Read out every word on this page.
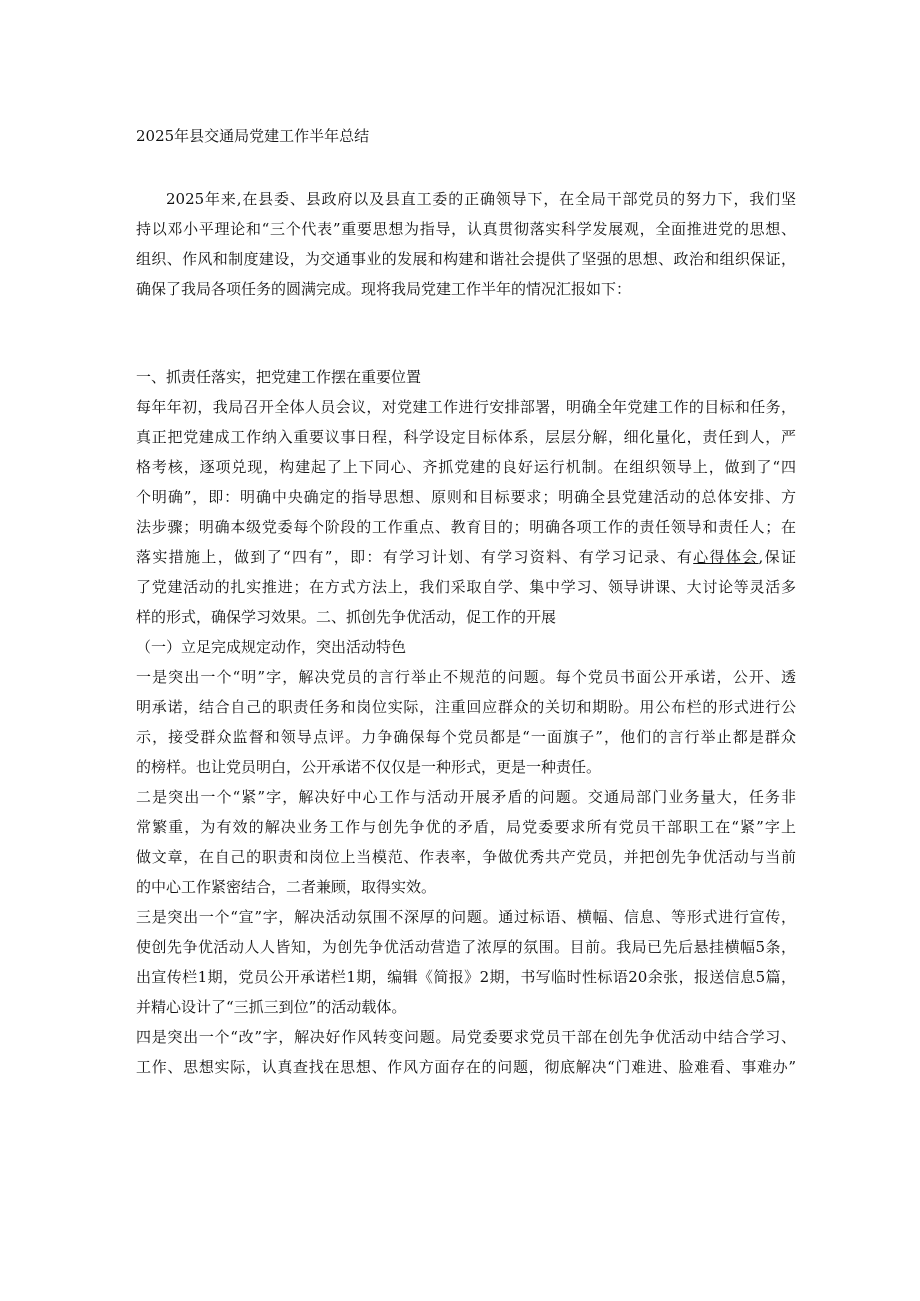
2025年县交通局党建工作半年总结
2025年来,在县委、县政府以及县直工委的正确领导下，在全局干部党员的努力下，我们坚
持以邓小平理论和“三个代表”重要思想为指导，认真贯彻落实科学发展观，全面推进党的思想、
组织、作风和制度建设，为交通事业的发展和构建和谐社会提供了坚强的思想、政治和组织保证，
确保了我局各项任务的圆满完成。现将我局党建工作半年的情况汇报如下：
一、抓责任落实，把党建工作摆在重要位置
每年年初，我局召开全体人员会议，对党建工作进行安排部署，明确全年党建工作的目标和任务，
真正把党建成工作纳入重要议事日程，科学设定目标体系，层层分解，细化量化，责任到人，严
格考核，逐项兑现，构建起了上下同心、齐抓党建的良好运行机制。在组织领导上，做到了“四
个明确”，即：明确中央确定的指导思想、原则和目标要求；明确全县党建活动的总体安排、方
法步骤；明确本级党委每个阶段的工作重点、教育目的；明确各项工作的责任领导和责任人；在
落实措施上，做到了“四有”，即：有学习计划、有学习资料、有学习记录、有心得体会,保证
了党建活动的扎实推进；在方式方法上，我们采取自学、集中学习、领导讲课、大讨论等灵活多
样的形式，确保学习效果。二、抓创先争优活动，促工作的开展
（一）立足完成规定动作，突出活动特色
一是突出一个“明”字，解决党员的言行举止不规范的问题。每个党员书面公开承诺，公开、透
明承诺，结合自己的职责任务和岗位实际，注重回应群众的关切和期盼。用公布栏的形式进行公
示，接受群众监督和领导点评。力争确保每个党员都是“一面旗子”，他们的言行举止都是群众
的榜样。也让党员明白，公开承诺不仅仅是一种形式，更是一种责任。
二是突出一个“紧”字，解决好中心工作与活动开展矛盾的问题。交通局部门业务量大，任务非
常繁重，为有效的解决业务工作与创先争优的矛盾，局党委要求所有党员干部职工在“紧”字上
做文章，在自己的职责和岗位上当模范、作表率，争做优秀共产党员，并把创先争优活动与当前
的中心工作紧密结合，二者兼顾，取得实效。
三是突出一个“宣”字，解决活动氛围不深厚的问题。通过标语、横幅、信息、等形式进行宣传，
使创先争优活动人人皆知，为创先争优活动营造了浓厚的氛围。目前。我局已先后悬挂横幅5条，
出宣传栏1期，党员公开承诺栏1期，编辑《简报》2期，书写临时性标语20余张，报送信息5篇，
并精心设计了“三抓三到位”的活动载体。
四是突出一个“改”字，解决好作风转变问题。局党委要求党员干部在创先争优活动中结合学习、
工作、思想实际，认真查找在思想、作风方面存在的问题，彻底解决“门难进、脸难看、事难办”
